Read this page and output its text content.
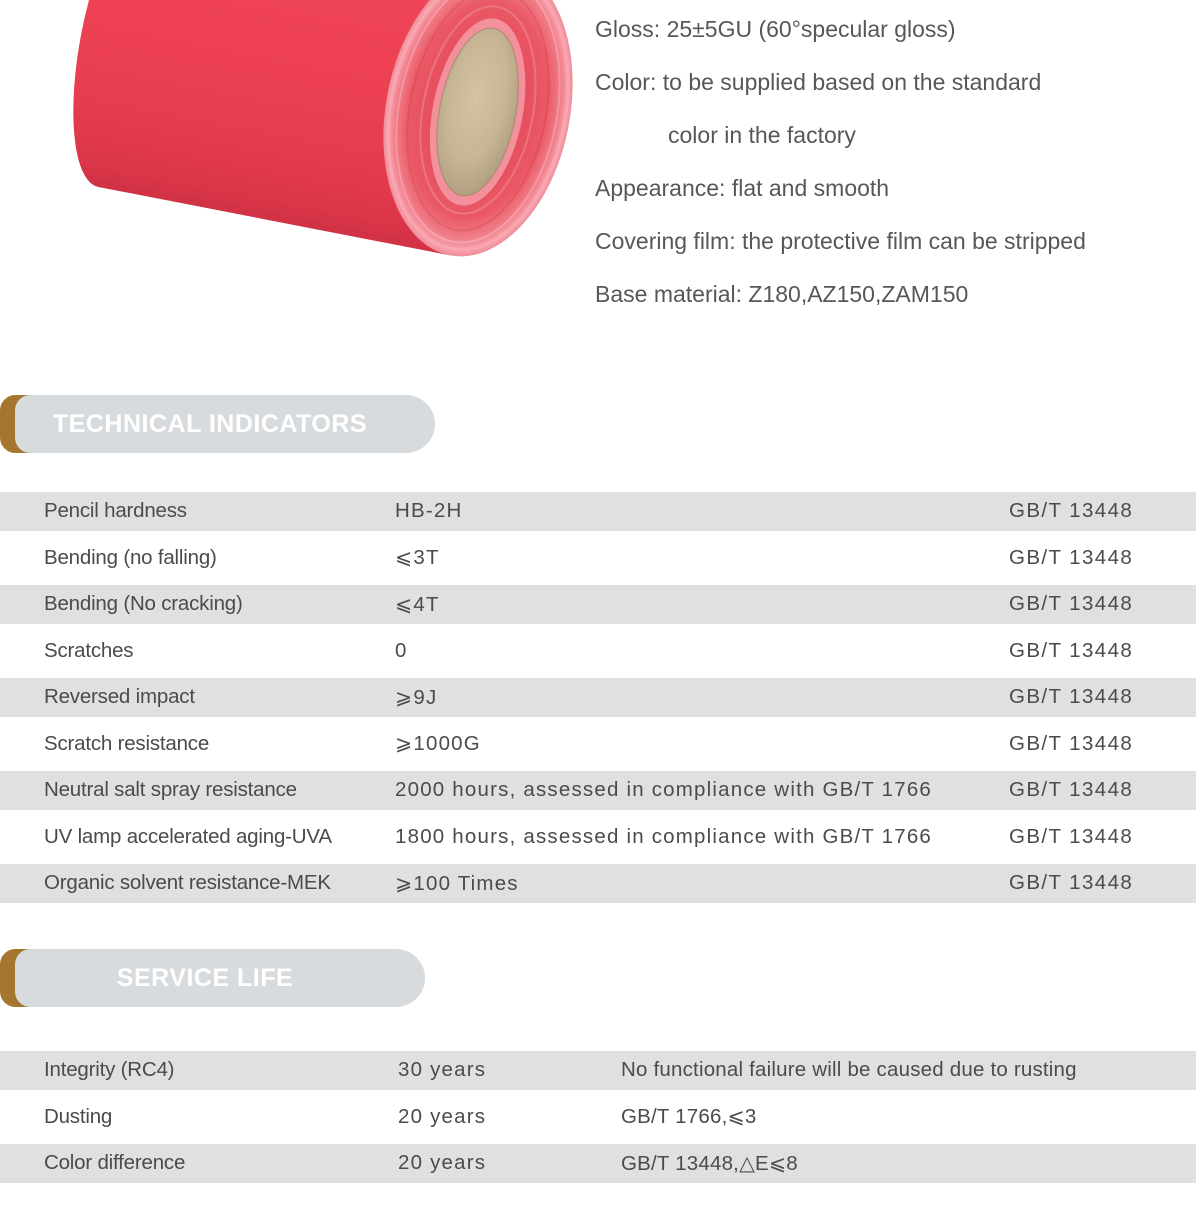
Gloss: 25±5GU (60°specular gloss)
Color: to be supplied based on the standard
color in the factory
Appearance: flat and smooth
Covering film: the protective film can be stripped
Base material: Z180,AZ150,ZAM150
TECHNICAL INDICATORS
Pencil hardness	HB-2H	GB/T 13448
Bending (no falling)	⩽3T	GB/T 13448
Bending (No cracking)	⩽4T	GB/T 13448
Scratches	0	GB/T 13448
Reversed impact	⩾9J	GB/T 13448
Scratch resistance	⩾1000G	GB/T 13448
Neutral salt spray resistance	2000 hours, assessed in compliance with GB/T 1766	GB/T 13448
UV lamp accelerated aging-UVA	1800 hours, assessed in compliance with GB/T 1766	GB/T 13448
Organic solvent resistance-MEK	⩾100 Times	GB/T 13448
SERVICE LIFE
Integrity (RC4)	30 years	No functional failure will be caused due to rusting
Dusting	20 years	GB/T 1766,⩽3
Color difference	20 years	GB/T 13448,△E⩽8
